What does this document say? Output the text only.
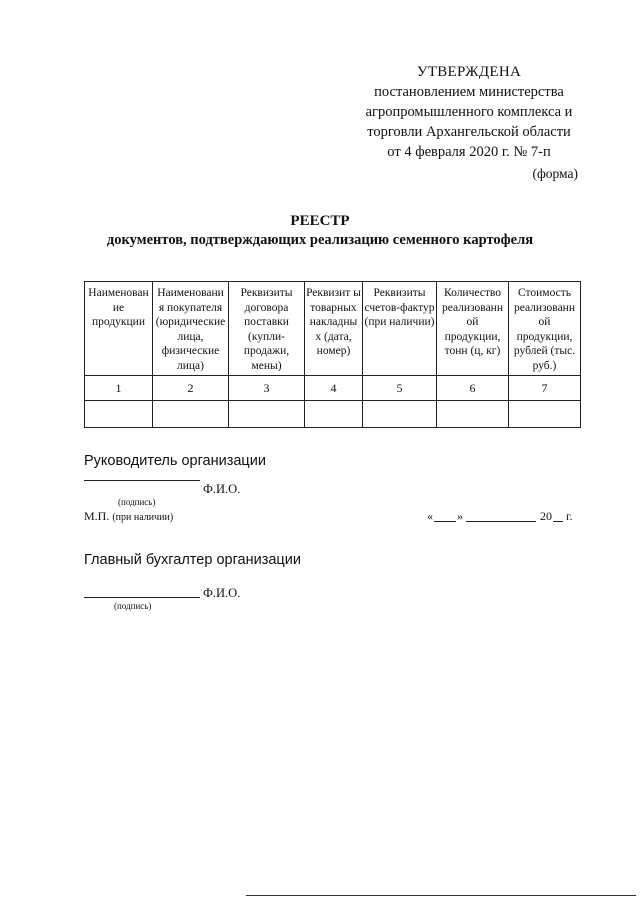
УТВЕРЖДЕНА
постановлением министерства
агропромышленного комплекса и
торговли Архангельской области
от 4 февраля 2020 г. № 7-п
(форма)
РЕЕСТР
документов, подтверждающих реализацию семенного картофеля
Наименован ие продукции	Наименовани я покупателя (юридические лица, физические лица)	Реквизиты договора поставки (купли-продажи, мены)	Реквизит ы товарных накладны х (дата, номер)	Реквизиты счетов-фактур (при наличии)	Количество реализованн ой продукции, тонн (ц, кг)	Стоимость реализованн ой продукции, рублей (тыс. руб.)
1	2	3	4	5	6	7

Руководитель организации
Ф.И.О.
(подпись)
М.П. (при наличии)	« »	20 г.
Главный бухгалтер организации
Ф.И.О.
(подпись)
